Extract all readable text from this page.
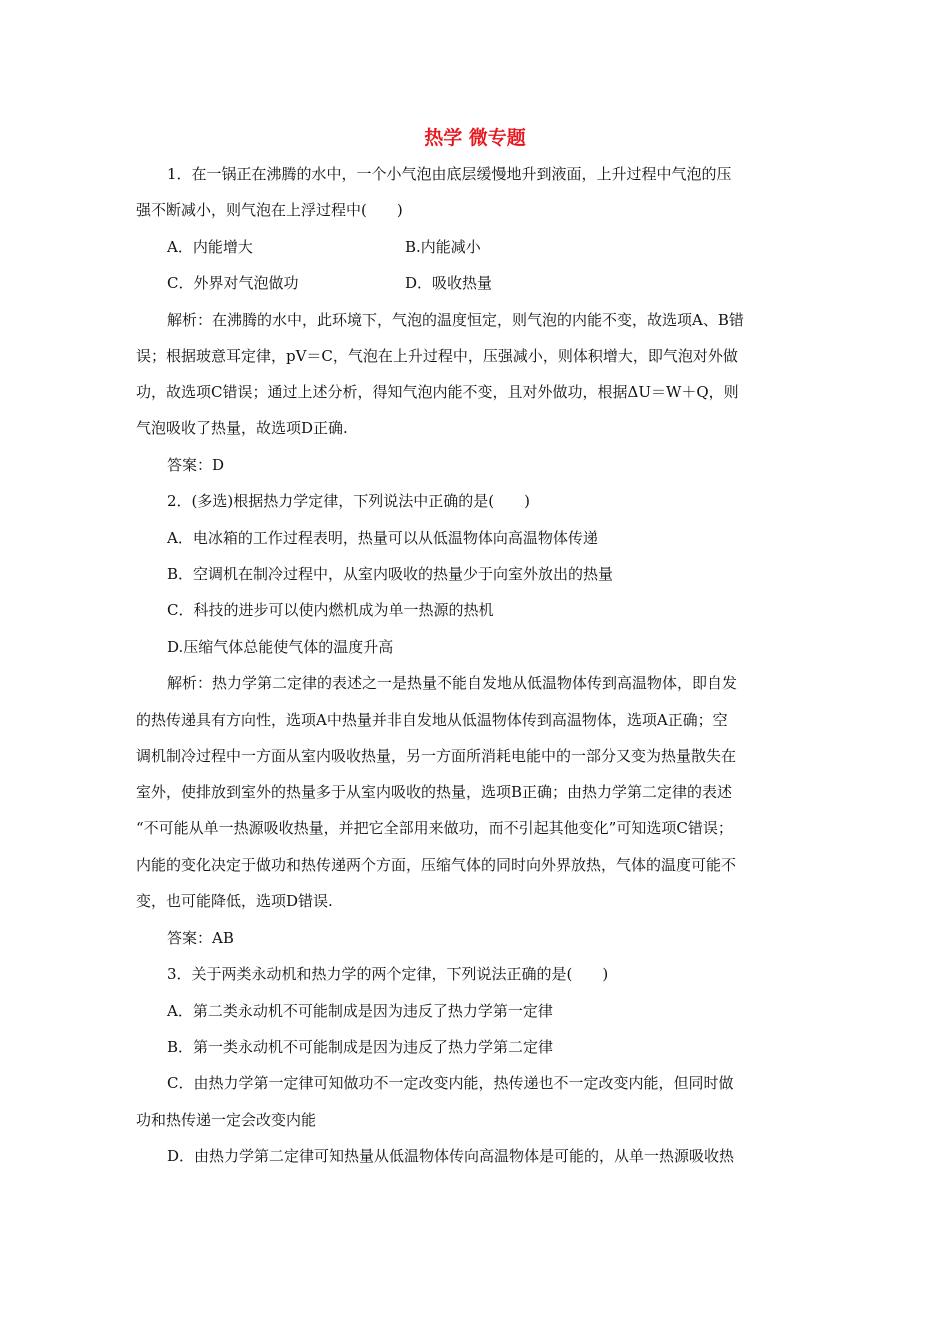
热学 微专题
1．在一锅正在沸腾的水中，一个小气泡由底层缓慢地升到液面，上升过程中气泡的压
强不断减小，则气泡在上浮过程中(　　)
A．内能增大	B.内能减小
C．外界对气泡做功	D．吸收热量
解析：在沸腾的水中，此环境下，气泡的温度恒定，则气泡的内能不变，故选项A、B错
误；根据玻意耳定律，pV＝C，气泡在上升过程中，压强减小，则体积增大，即气泡对外做
功，故选项C错误；通过上述分析，得知气泡内能不变，且对外做功，根据ΔU＝W＋Q，则
气泡吸收了热量，故选项D正确.
答案：D
2．(多选)根据热力学定律，下列说法中正确的是(　　)
A．电冰箱的工作过程表明，热量可以从低温物体向高温物体传递
B．空调机在制冷过程中，从室内吸收的热量少于向室外放出的热量
C．科技的进步可以使内燃机成为单一热源的热机
D.压缩气体总能使气体的温度升高
解析：热力学第二定律的表述之一是热量不能自发地从低温物体传到高温物体，即自发
的热传递具有方向性，选项A中热量并非自发地从低温物体传到高温物体，选项A正确；空
调机制冷过程中一方面从室内吸收热量，另一方面所消耗电能中的一部分又变为热量散失在
室外，使排放到室外的热量多于从室内吸收的热量，选项B正确；由热力学第二定律的表述
“不可能从单一热源吸收热量，并把它全部用来做功，而不引起其他变化”可知选项C错误；
内能的变化决定于做功和热传递两个方面，压缩气体的同时向外界放热，气体的温度可能不
变，也可能降低，选项D错误.
答案：AB
3．关于两类永动机和热力学的两个定律，下列说法正确的是(　　)
A．第二类永动机不可能制成是因为违反了热力学第一定律
B．第一类永动机不可能制成是因为违反了热力学第二定律
C．由热力学第一定律可知做功不一定改变内能，热传递也不一定改变内能，但同时做
功和热传递一定会改变内能
D．由热力学第二定律可知热量从低温物体传向高温物体是可能的，从单一热源吸收热
